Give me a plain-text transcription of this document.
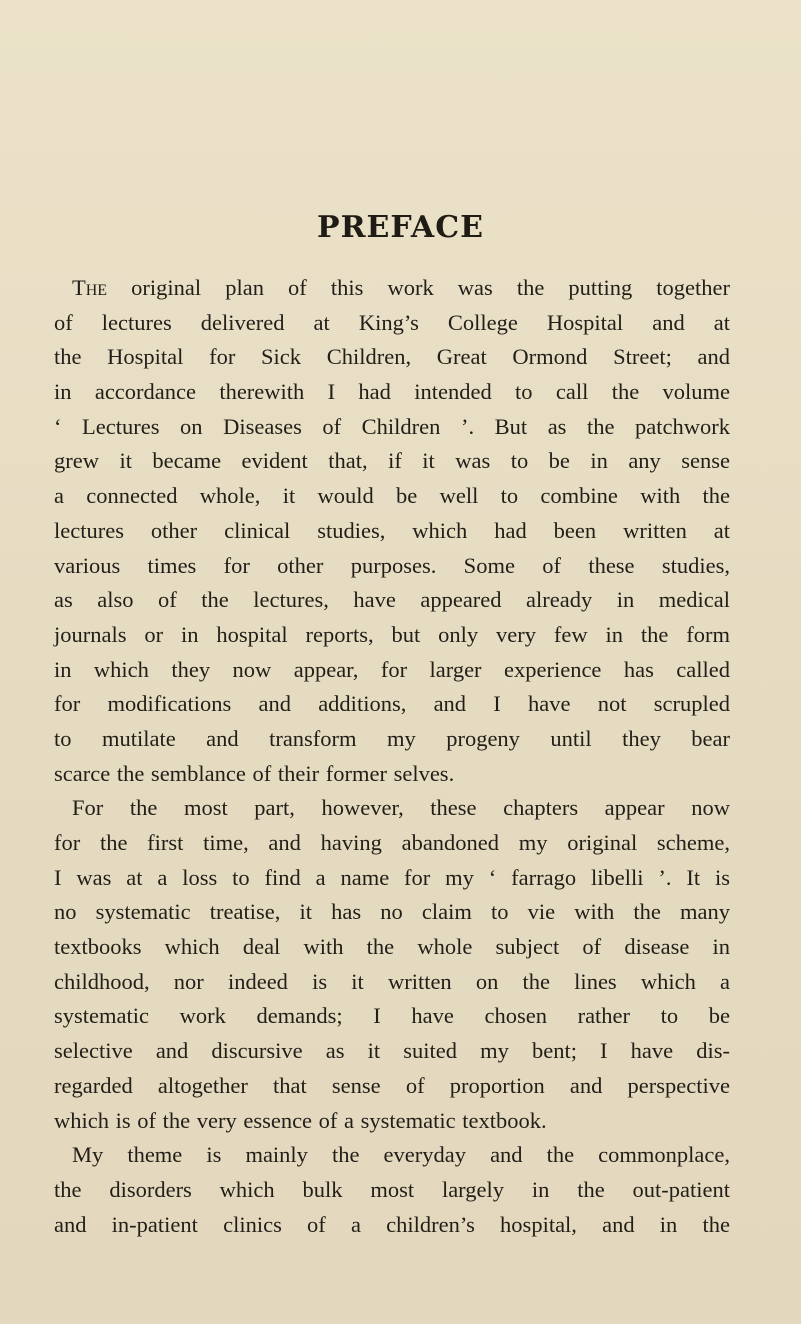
PREFACE
The original plan of this work was the putting together
of lectures delivered at King’s College Hospital and at
the Hospital for Sick Children, Great Ormond Street; and
in accordance therewith I had intended to call the volume
‘ Lectures on Diseases of Children ’. But as the patchwork
grew it became evident that, if it was to be in any sense
a connected whole, it would be well to combine with the
lectures other clinical studies, which had been written at
various times for other purposes. Some of these studies,
as also of the lectures, have appeared already in medical
journals or in hospital reports, but only very few in the form
in which they now appear, for larger experience has called
for modifications and additions, and I have not scrupled
to mutilate and transform my progeny until they bear
scarce the semblance of their former selves.
For the most part, however, these chapters appear now
for the first time, and having abandoned my original scheme,
I was at a loss to find a name for my ‘ farrago libelli ’. It is
no systematic treatise, it has no claim to vie with the many
textbooks which deal with the whole subject of disease in
childhood, nor indeed is it written on the lines which a
systematic work demands; I have chosen rather to be
selective and discursive as it suited my bent; I have dis-
regarded altogether that sense of proportion and perspective
which is of the very essence of a systematic textbook.
My theme is mainly the everyday and the commonplace,
the disorders which bulk most largely in the out-patient
and in-patient clinics of a children’s hospital, and in the
